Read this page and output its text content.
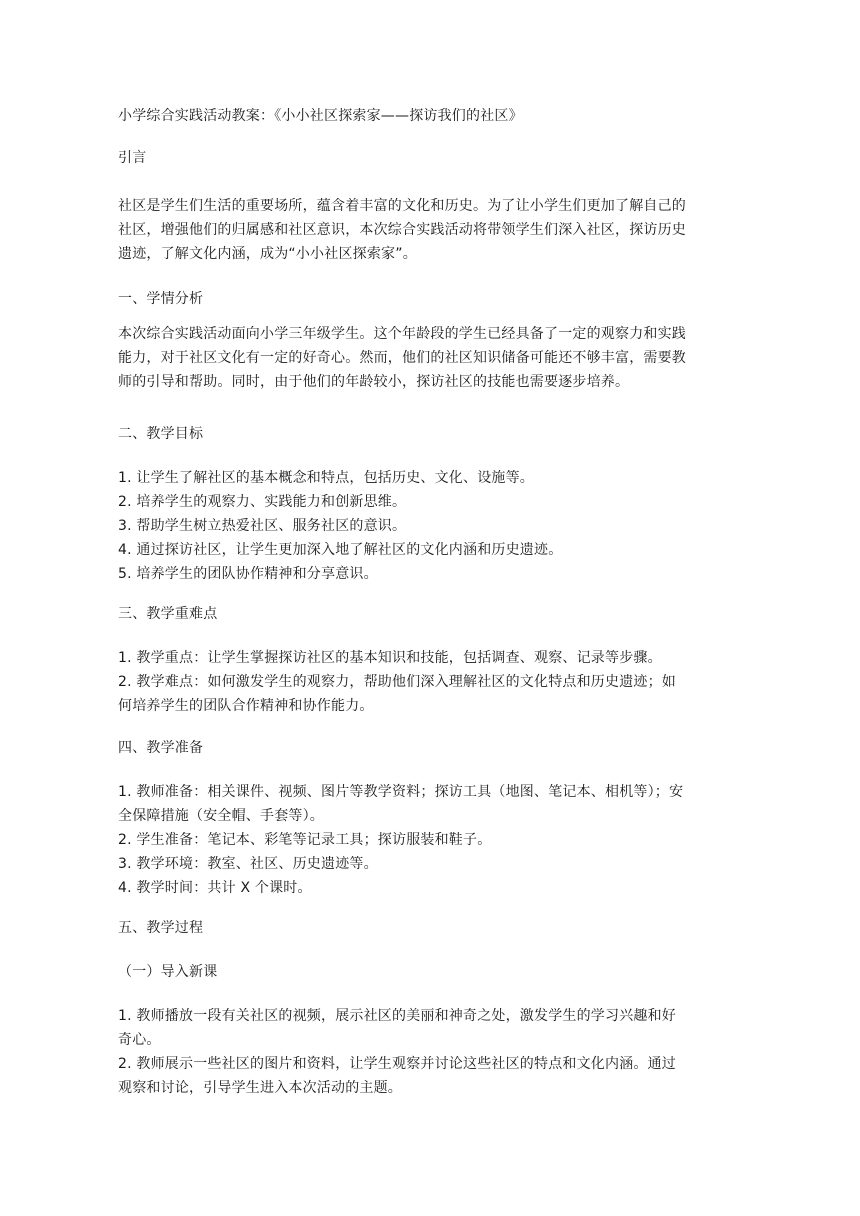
小学综合实践活动教案：《小小社区探索家——探访我们的社区》
引言
社区是学生们生活的重要场所，蕴含着丰富的文化和历史。为了让小学生们更加了解自己的
社区，增强他们的归属感和社区意识，本次综合实践活动将带领学生们深入社区，探访历史
遗迹，了解文化内涵，成为“小小社区探索家”。
一、学情分析
本次综合实践活动面向小学三年级学生。这个年龄段的学生已经具备了一定的观察力和实践
能力，对于社区文化有一定的好奇心。然而，他们的社区知识储备可能还不够丰富，需要教
师的引导和帮助。同时，由于他们的年龄较小，探访社区的技能也需要逐步培养。
二、教学目标
1. 让学生了解社区的基本概念和特点，包括历史、文化、设施等。
2. 培养学生的观察力、实践能力和创新思维。
3. 帮助学生树立热爱社区、服务社区的意识。
4. 通过探访社区，让学生更加深入地了解社区的文化内涵和历史遗迹。
5. 培养学生的团队协作精神和分享意识。
三、教学重难点
1. 教学重点：让学生掌握探访社区的基本知识和技能，包括调查、观察、记录等步骤。
2. 教学难点：如何激发学生的观察力，帮助他们深入理解社区的文化特点和历史遗迹；如
何培养学生的团队合作精神和协作能力。
四、教学准备
1. 教师准备：相关课件、视频、图片等教学资料；探访工具（地图、笔记本、相机等）；安
全保障措施（安全帽、手套等）。
2. 学生准备：笔记本、彩笔等记录工具；探访服装和鞋子。
3. 教学环境：教室、社区、历史遗迹等。
4. 教学时间：共计 X 个课时。
五、教学过程
（一）导入新课
1. 教师播放一段有关社区的视频，展示社区的美丽和神奇之处，激发学生的学习兴趣和好
奇心。
2. 教师展示一些社区的图片和资料，让学生观察并讨论这些社区的特点和文化内涵。通过
观察和讨论，引导学生进入本次活动的主题。
